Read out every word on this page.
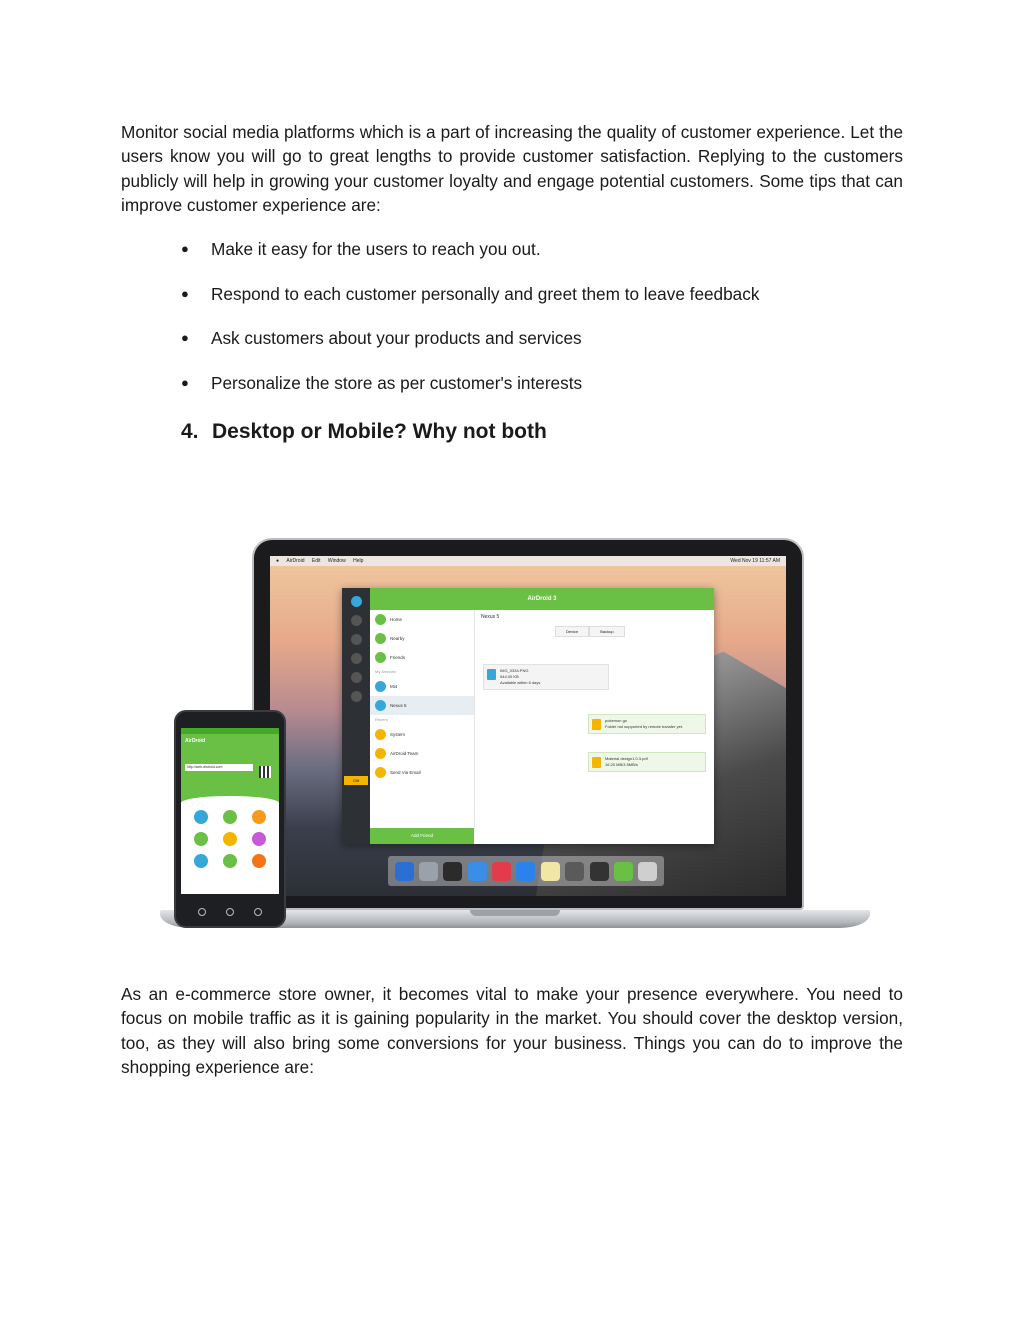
Monitor social media platforms which is a part of increasing the quality of customer experience. Let the users know you will go to great lengths to provide customer satisfaction. Replying to the customers publicly will help in growing your customer loyalty and engage potential customers. Some tips that can improve customer experience are:

● Make it easy for the users to reach you out.
● Respond to each customer personally and greet them to leave feedback
● Ask customers about your products and services
● Personalize the store as per customer's interests
4. Desktop or Mobile? Why not both
● AirDroid Edit Window Help	Wed Nov 19 11:57 AM
Gift
AirDroid 3
Home
Nearby
Friends
My Devices
Mi4
Nexus 5
Recent
System
AirDroid Team
Send Via Email
Add Friend
Nexus 5
Device	Backup
IMG_0334.PNG
544.00 KB
Available within 6 days
pokemon go
Folder not supported by remote transfer yet.
Material design1.0.3.pdf
16.20 MB/3.5MB/s
AirDroid
http://web.airdroid.com

As an e-commerce store owner, it becomes vital to make your presence everywhere. You need to focus on mobile traffic as it is gaining popularity in the market. You should cover the desktop version, too, as they will also bring some conversions for your business. Things you can do to improve the shopping experience are:
